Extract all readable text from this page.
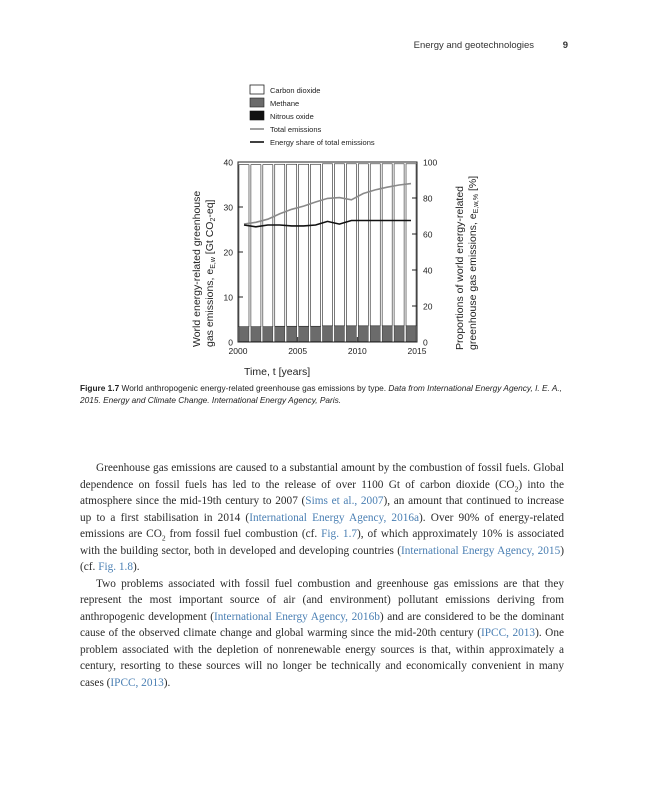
Energy and geotechnologies	9
Carbon dioxide
Methane
Nitrous oxide
Total emissions
Energy share of total emissions
0
10
20
30
40
0
20
40
60
80
100
2000	2005	2010	2015
Time, t [years]
World energy-related greenhouse gas emissions, eE,w [Gt CO2-eq]	Proportions of world energy-related greenhouse gas emissions, eE,w,% [%]
Figure 1.7 World anthropogenic energy-related greenhouse gas emissions by type. Data from International Energy Agency, I. E. A., 2015. Energy and Climate Change. International Energy Agency, Paris.

Greenhouse gas emissions are caused to a substantial amount by the combustion of fossil fuels. Global dependence on fossil fuels has led to the release of over 1100 Gt of carbon dioxide $(CO_2)$ into the atmosphere since the mid-19th century to 2007 (Sims et al., 2007), an amount that continued to increase up to a first stabilisation in 2014 (International Energy Agency, 2016a). Over 90% of energy-related emissions are $CO_2$ from fossil fuel combustion (cf. Fig. 1.7), of which approximately 10% is associated with the building sector, both in developed and developing countries (International Energy Agency, 2015) (cf. Fig. 1.8).

Two problems associated with fossil fuel combustion and greenhouse gas emissions are that they represent the most important source of air (and environment) pollutant emissions deriving from anthropogenic development (International Energy Agency, 2016b) and are considered to be the dominant cause of the observed climate change and global warming since the mid-20th century (IPCC, 2013). One problem associated with the depletion of nonrenewable energy sources is that, within approximately a century, resorting to these sources will no longer be technically and economically convenient in many cases (IPCC, 2013).
